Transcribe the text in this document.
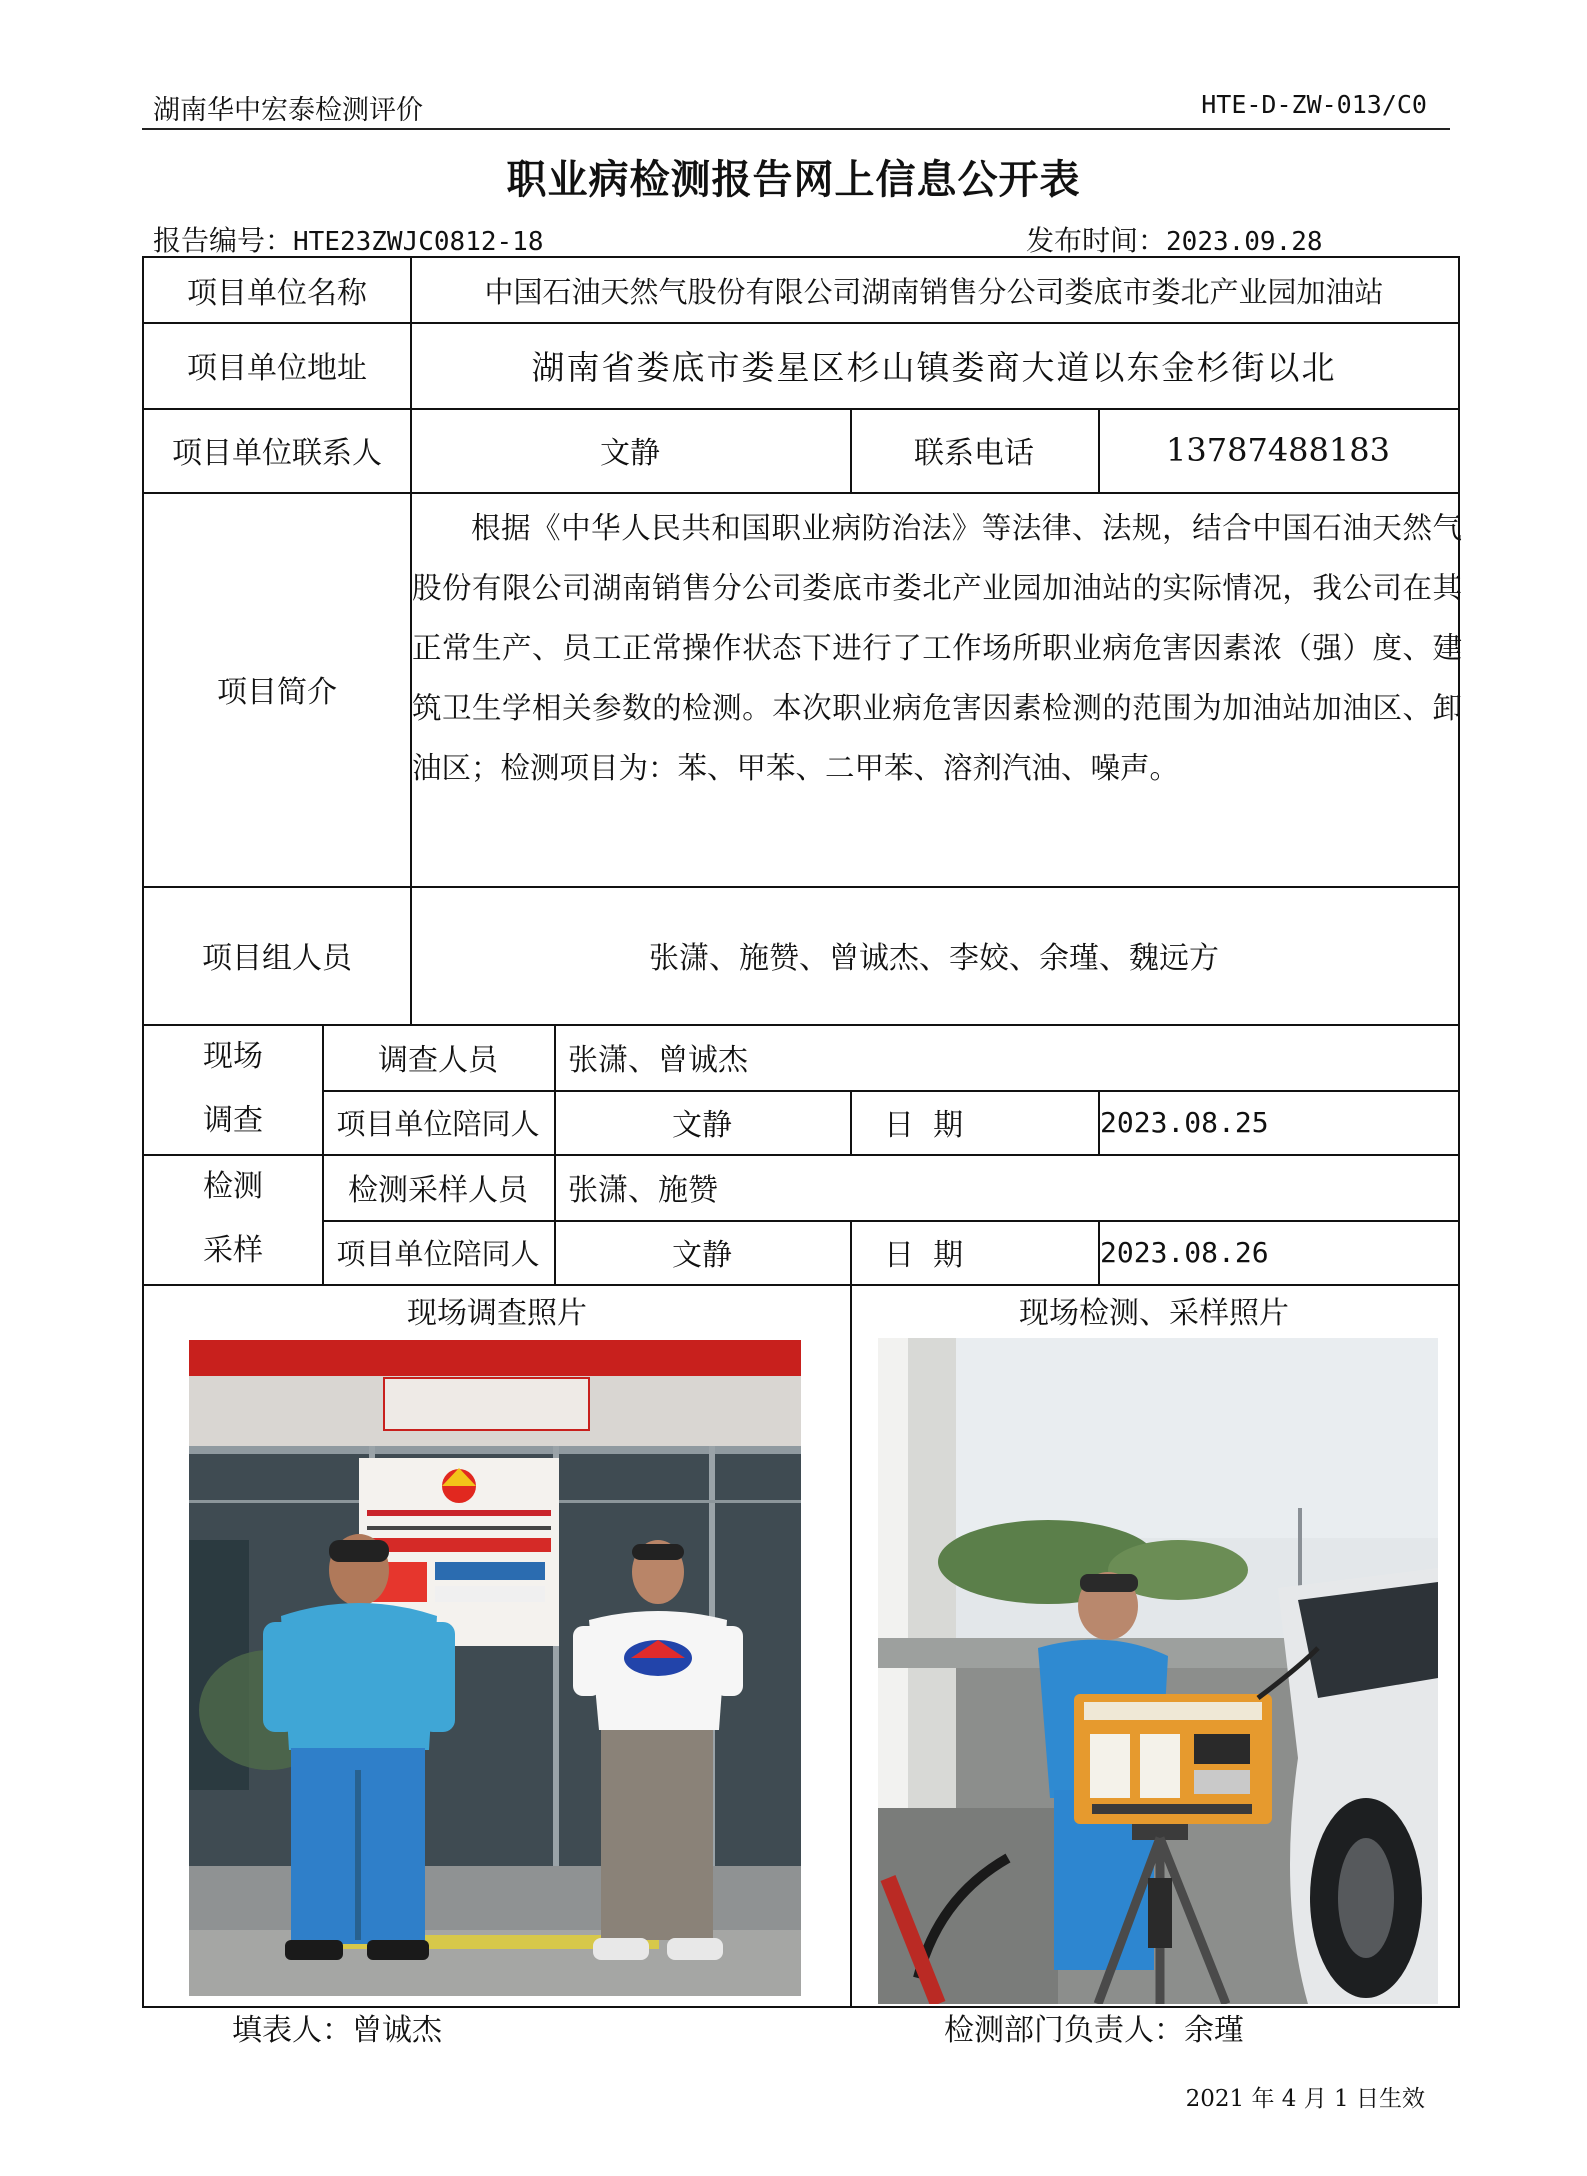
湖南华中宏泰检测评价	HTE-D-ZW-013/C0
职业病检测报告网上信息公开表
报告编号：HTE23ZWJC0812-18	发布时间：2023.09.28
项目单位名称	中国石油天然气股份有限公司湖南销售分公司娄底市娄北产业园加油站
项目单位地址	湖南省娄底市娄星区杉山镇娄商大道以东金杉街以北
项目单位联系人	文静	联系电话	13787488183
项目简介

根据《中华人民共和国职业病防治法》等法律、法规，结合中国石油天然气股份有限公司湖南销售分公司娄底市娄北产业园加油站的实际情况，我公司在其正常生产、员工正常操作状态下进行了工作场所职业病危害因素浓（强）度、建筑卫生学相关参数的检测。本次职业病危害因素检测的范围为加油站加油区、卸油区；检测项目为：苯、甲苯、二甲苯、溶剂汽油、噪声。

项目组人员	张潇、施赞、曾诚杰、李姣、余瑾、魏远方
现场
调查
调查人员	张潇、曾诚杰
项目单位陪同人	文静	日  期	2023.08.25
检测
采样
检测采样人员	张潇、施赞
项目单位陪同人	文静	日  期	2023.08.26
现场调查照片	现场检测、采样照片
填表人：曾诚杰	检测部门负责人：余瑾
2021 年 4 月 1 日生效
